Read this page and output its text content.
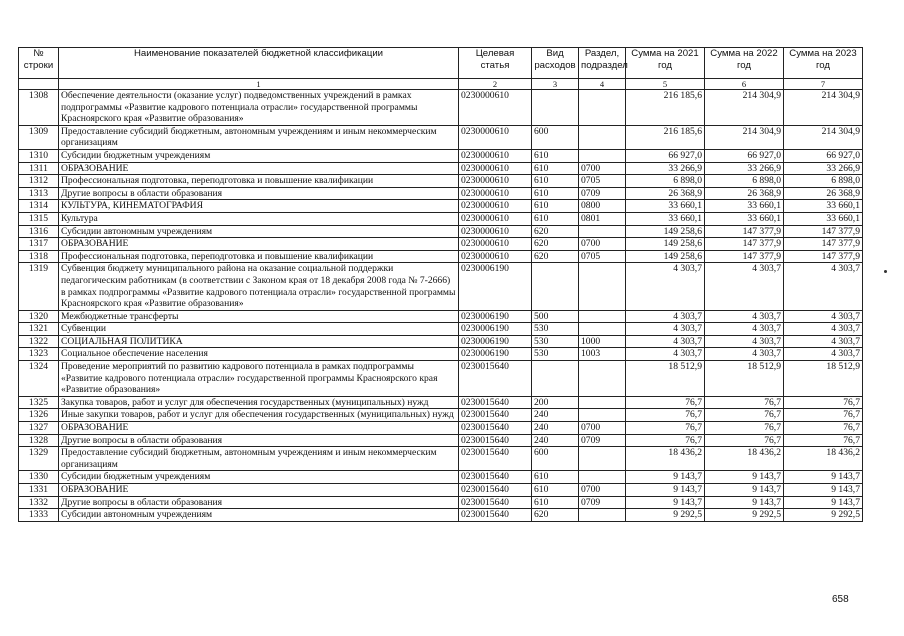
№ строки	Наименование показателей бюджетной классификации	Целевая статья	Вид расходов	Раздел, подраздел	Сумма на 2021 год	Сумма на 2022 год	Сумма на 2023 год
	1	2	3	4	5	6	7
1308	Обеспечение деятельности (оказание услуг) подведомственных учреждений в рамках подпрограммы «Развитие кадрового потенциала отрасли» государственной программы Красноярского края «Развитие образования»	0230000610			216 185,6	214 304,9	214 304,9
1309	Предоставление субсидий бюджетным, автономным учреждениям и иным некоммерческим организациям	0230000610	600		216 185,6	214 304,9	214 304,9
1310	Субсидии бюджетным учреждениям	0230000610	610		66 927,0	66 927,0	66 927,0
1311	ОБРАЗОВАНИЕ	0230000610	610	0700	33 266,9	33 266,9	33 266,9
1312	Профессиональная подготовка, переподготовка и повышение квалификации	0230000610	610	0705	6 898,0	6 898,0	6 898,0
1313	Другие вопросы в области образования	0230000610	610	0709	26 368,9	26 368,9	26 368,9
1314	КУЛЬТУРА, КИНЕМАТОГРАФИЯ	0230000610	610	0800	33 660,1	33 660,1	33 660,1
1315	Культура	0230000610	610	0801	33 660,1	33 660,1	33 660,1
1316	Субсидии автономным учреждениям	0230000610	620		149 258,6	147 377,9	147 377,9
1317	ОБРАЗОВАНИЕ	0230000610	620	0700	149 258,6	147 377,9	147 377,9
1318	Профессиональная подготовка, переподготовка и повышение квалификации	0230000610	620	0705	149 258,6	147 377,9	147 377,9
1319	Субвенция бюджету муниципального района на оказание социальной поддержки педагогическим работникам (в соответствии с Законом края от 18 декабря 2008 года № 7-2666) в рамках подпрограммы «Развитие кадрового потенциала отрасли» государственной программы Красноярского края «Развитие образования»	0230006190			4 303,7	4 303,7	4 303,7
1320	Межбюджетные трансферты	0230006190	500		4 303,7	4 303,7	4 303,7
1321	Субвенции	0230006190	530		4 303,7	4 303,7	4 303,7
1322	СОЦИАЛЬНАЯ ПОЛИТИКА	0230006190	530	1000	4 303,7	4 303,7	4 303,7
1323	Социальное обеспечение населения	0230006190	530	1003	4 303,7	4 303,7	4 303,7
1324	Проведение мероприятий по развитию кадрового потенциала в рамках подпрограммы «Развитие кадрового потенциала отрасли» государственной программы Красноярского края «Развитие образования»	0230015640			18 512,9	18 512,9	18 512,9
1325	Закупка товаров, работ и услуг для обеспечения государственных (муниципальных) нужд	0230015640	200		76,7	76,7	76,7
1326	Иные закупки товаров, работ и услуг для обеспечения государственных (муниципальных) нужд	0230015640	240		76,7	76,7	76,7
1327	ОБРАЗОВАНИЕ	0230015640	240	0700	76,7	76,7	76,7
1328	Другие вопросы в области образования	0230015640	240	0709	76,7	76,7	76,7
1329	Предоставление субсидий бюджетным, автономным учреждениям и иным некоммерческим организациям	0230015640	600		18 436,2	18 436,2	18 436,2
1330	Субсидии бюджетным учреждениям	0230015640	610		9 143,7	9 143,7	9 143,7
1331	ОБРАЗОВАНИЕ	0230015640	610	0700	9 143,7	9 143,7	9 143,7
1332	Другие вопросы в области образования	0230015640	610	0709	9 143,7	9 143,7	9 143,7
1333	Субсидии автономным учреждениям	0230015640	620		9 292,5	9 292,5	9 292,5
658
